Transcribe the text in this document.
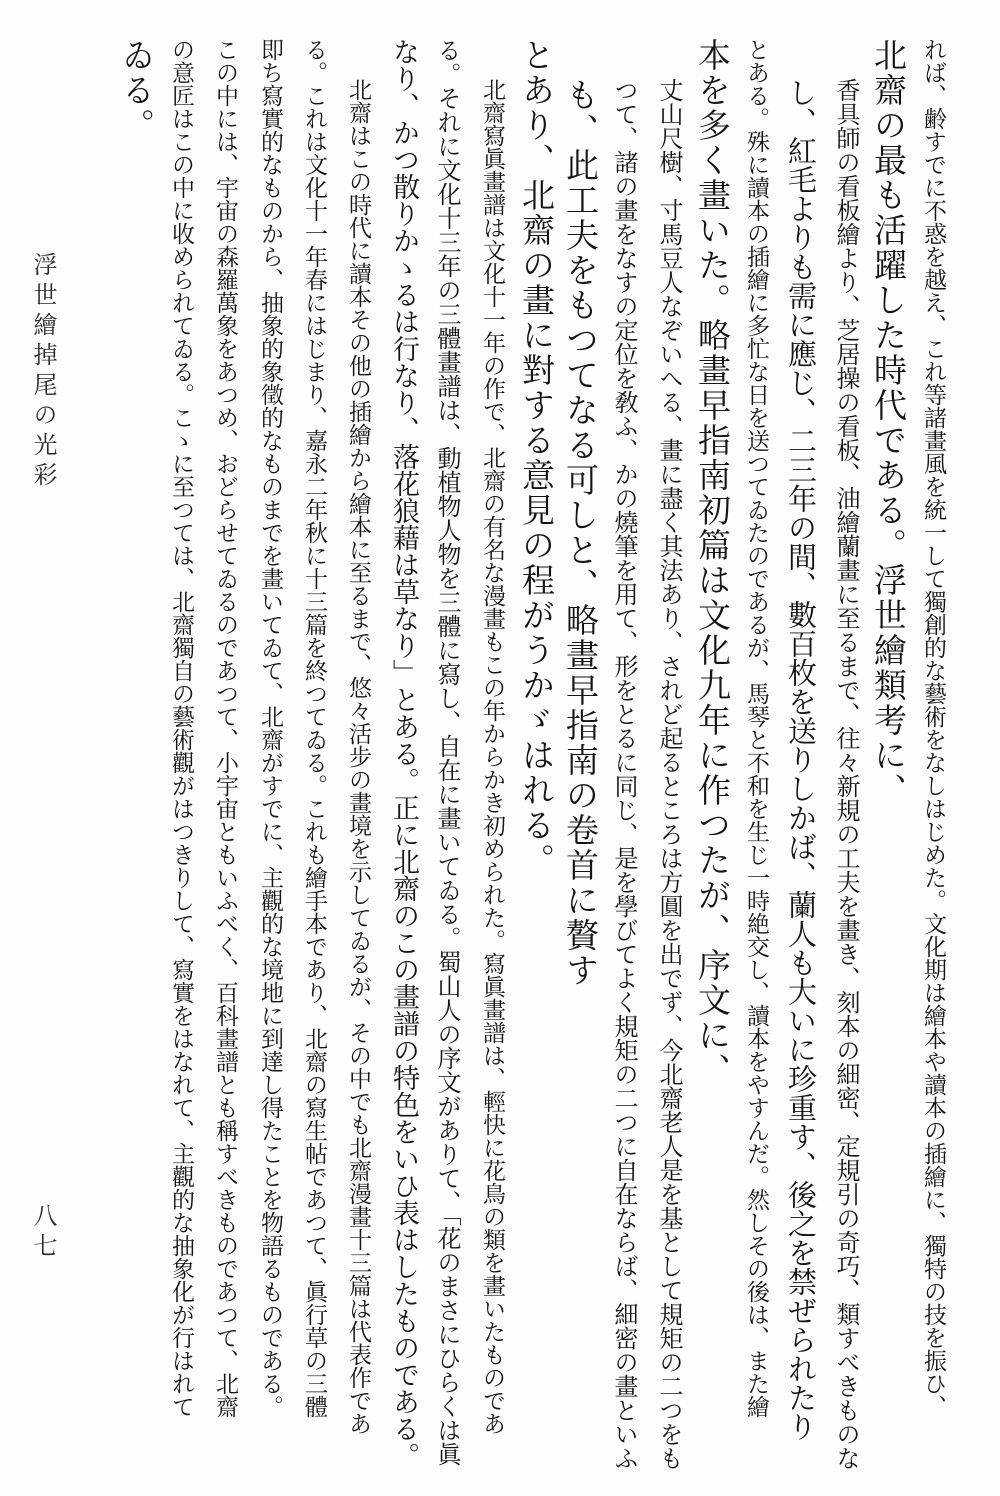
れば、齢すでに不惑を越え、これ等諸畫風を統一して獨創的な藝術をなしはじめた。文化期は繪本や讀本の插繪に、獨特の技を振ひ、
北齋の最も活躍した時代である。浮世繪類考に、
香具師の看板繪より、芝居操の看板、油繪蘭畫に至るまで、往々新規の工夫を畫き、刻本の細密、定規引の奇巧、類すべきものな
し、紅毛よりも需に應じ、二三年の間、數百枚を送りしかば、蘭人も大いに珍重す、後之を禁ぜられたり
とある。殊に讀本の插繪に多忙な日を送つてゐたのであるが、馬琴と不和を生じ一時絶交し、讀本をやすんだ。然しその後は、また繪
本を多く畫いた。略畫早指南初篇は文化九年に作つたが、序文に、
丈山尺樹、寸馬豆人なぞいへる、畫に盡く其法あり、されど起るところは方圓を出でず、今北齋老人是を基として規矩の二つをも
つて、諸の畫をなすの定位を敎ふ、かの燒筆を用て、形をとるに同じ、是を學びてよく規矩の二つに自在ならば、細密の畫といふ
も、此工夫をもつてなる可しと、略畫早指南の卷首に贅す
とあり、北齋の畫に對する意見の程がうかゞはれる。
北齋寫眞畫譜は文化十一年の作で、北齋の有名な漫畫もこの年からかき初められた。寫眞畫譜は、輕快に花鳥の類を畫いたものであ
る。それに文化十三年の三體畫譜は、動植物人物を三體に寫し、自在に畫いてゐる。蜀山人の序文がありて、「花のまさにひらくは眞
なり、かつ散りかゝるは行なり、落花狼藉は草なり」とある。正に北齋のこの畫譜の特色をいひ表はしたものである。
北齋はこの時代に讀本その他の插繪から繪本に至るまで、悠々活步の畫境を示してゐるが、その中でも北齋漫畫十三篇は代表作であ
る。これは文化十一年春にはじまり、嘉永二年秋に十三篇を終つてゐる。これも繪手本であり、北齋の寫生帖であつて、眞行草の三體
即ち寫實的なものから、抽象的象徵的なものまでを畫いてゐて、北齋がすでに、主觀的な境地に到達し得たことを物語るものである。
この中には、宇宙の森羅萬象をあつめ、おどらせてゐるのであつて、小宇宙ともいふべく、百科畫譜とも稱すべきものであつて、北齋
の意匠はこの中に收められてゐる。こゝに至つては、北齋獨自の藝術觀がはつきりして、寫實をはなれて、主觀的な抽象化が行はれて
ゐる。
浮世繪掉尾の光彩
八七
